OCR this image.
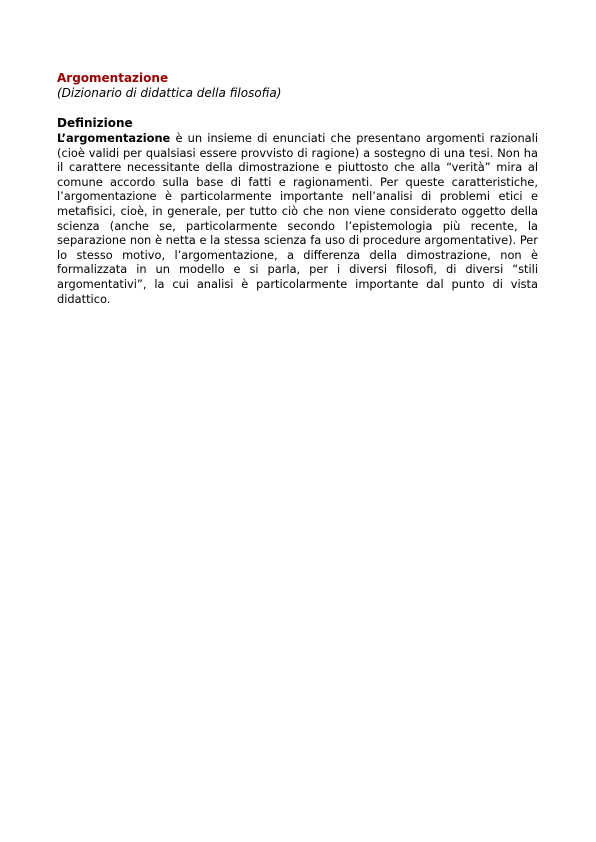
Argomentazione

(Dizionario di didattica della filosofia)

Definizione

L’argomentazione è un insieme di enunciati che presentano argomenti razionali (cioè validi per qualsiasi essere provvisto di ragione) a sostegno di una tesi. Non ha il carattere necessitante della dimostrazione e piuttosto che alla “verità” mira al comune accordo sulla base di fatti e ragionamenti. Per queste caratteristiche, l’argomentazione è particolarmente importante nell’analisi di problemi etici e metafisici, cioè, in generale, per tutto ciò che non viene considerato oggetto della scienza (anche se, particolarmente secondo l’epistemologia più recente, la separazione non è netta e la stessa scienza fa uso di procedure argomentative). Per lo stesso motivo, l’argomentazione, a differenza della dimostrazione, non è formalizzata in un modello e si parla, per i diversi filosofi, di diversi “stili argomentativi”, la cui analisi è particolarmente importante dal punto di vista didattico.
